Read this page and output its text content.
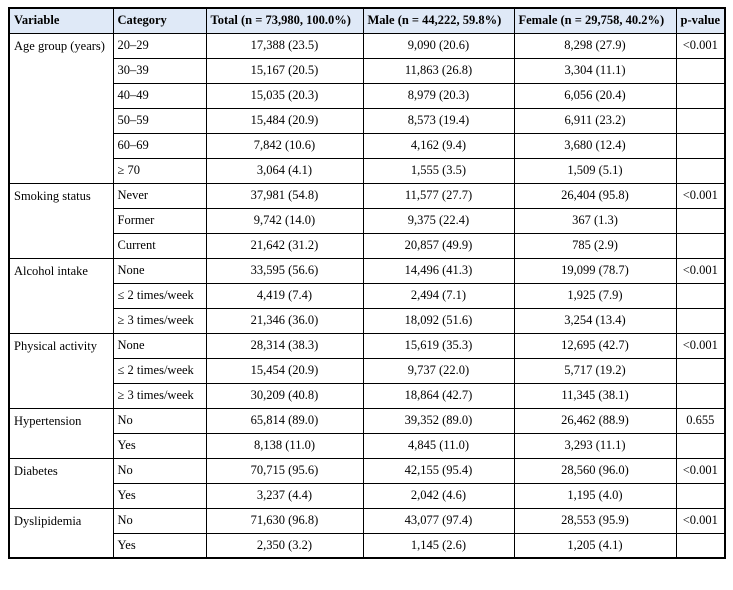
Variable	Category	Total (n = 73,980, 100.0%)	Male (n = 44,222, 59.8%)	Female (n = 29,758, 40.2%)	p-value
Age group (years)	20–29	17,388 (23.5)	9,090 (20.6)	8,298 (27.9)	<0.001
	30–39	15,167 (20.5)	11,863 (26.8)	3,304 (11.1)	
	40–49	15,035 (20.3)	8,979 (20.3)	6,056 (20.4)	
	50–59	15,484 (20.9)	8,573 (19.4)	6,911 (23.2)	
	60–69	7,842 (10.6)	4,162 (9.4)	3,680 (12.4)	
	≥ 70	3,064 (4.1)	1,555 (3.5)	1,509 (5.1)	
Smoking status	Never	37,981 (54.8)	11,577 (27.7)	26,404 (95.8)	<0.001
	Former	9,742 (14.0)	9,375 (22.4)	367 (1.3)	
	Current	21,642 (31.2)	20,857 (49.9)	785 (2.9)	
Alcohol intake	None	33,595 (56.6)	14,496 (41.3)	19,099 (78.7)	<0.001
	≤ 2 times/week	4,419 (7.4)	2,494 (7.1)	1,925 (7.9)	
	≥ 3 times/week	21,346 (36.0)	18,092 (51.6)	3,254 (13.4)	
Physical activity	None	28,314 (38.3)	15,619 (35.3)	12,695 (42.7)	<0.001
	≤ 2 times/week	15,454 (20.9)	9,737 (22.0)	5,717 (19.2)	
	≥ 3 times/week	30,209 (40.8)	18,864 (42.7)	11,345 (38.1)	
Hypertension	No	65,814 (89.0)	39,352 (89.0)	26,462 (88.9)	0.655
	Yes	8,138 (11.0)	4,845 (11.0)	3,293 (11.1)	
Diabetes	No	70,715 (95.6)	42,155 (95.4)	28,560 (96.0)	<0.001
	Yes	3,237 (4.4)	2,042 (4.6)	1,195 (4.0)	
Dyslipidemia	No	71,630 (96.8)	43,077 (97.4)	28,553 (95.9)	<0.001
	Yes	2,350 (3.2)	1,145 (2.6)	1,205 (4.1)	
